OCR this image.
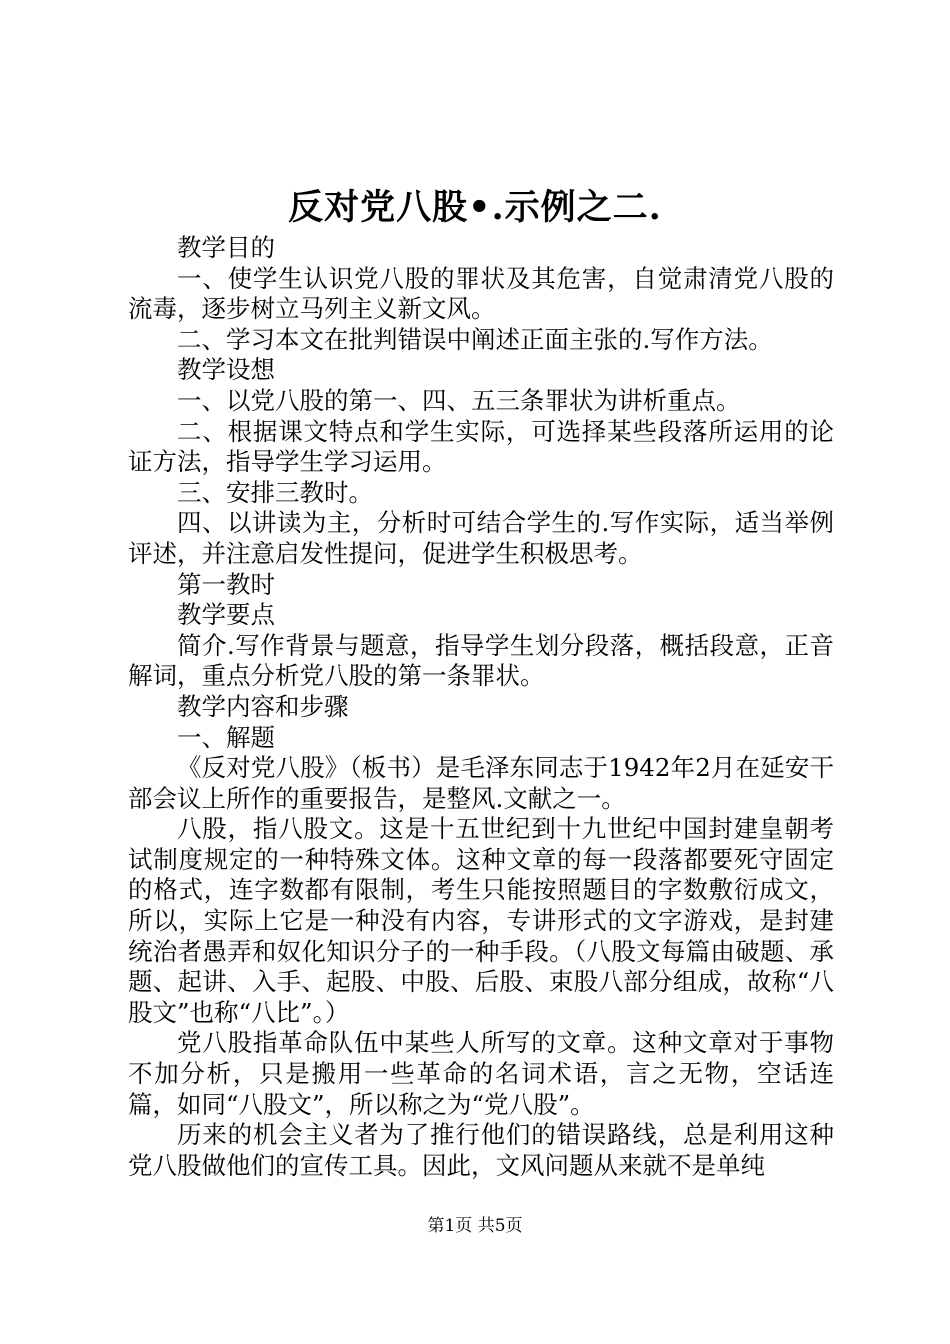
反对党八股•.示例之二.

教学目的

一、使学生认识党八股的罪状及其危害，自觉肃清党八股的流毒，逐步树立马列主义新文风。

二、学习本文在批判错误中阐述正面主张的.写作方法。

教学设想

一、以党八股的第一、四、五三条罪状为讲析重点。

二、根据课文特点和学生实际，可选择某些段落所运用的论证方法，指导学生学习运用。

三、安排三教时。

四、以讲读为主，分析时可结合学生的.写作实际，适当举例评述，并注意启发性提问，促进学生积极思考。

第一教时

教学要点

简介.写作背景与题意，指导学生划分段落，概括段意，正音解词，重点分析党八股的第一条罪状。

教学内容和步骤

一、解题

《反对党八股》（板书）是毛泽东同志于1942年2月在延安干部会议上所作的重要报告，是整风.文献之一。

八股，指八股文。这是十五世纪到十九世纪中国封建皇朝考试制度规定的一种特殊文体。这种文章的每一段落都要死守固定的格式，连字数都有限制，考生只能按照题目的字数敷衍成文，所以，实际上它是一种没有内容，专讲形式的文字游戏，是封建统治者愚弄和奴化知识分子的一种手段。（八股文每篇由破题、承题、起讲、入手、起股、中股、后股、束股八部分组成，故称“八股文”也称“八比”。）

党八股指革命队伍中某些人所写的文章。这种文章对于事物不加分析，只是搬用一些革命的名词术语，言之无物，空话连篇，如同“八股文”，所以称之为“党八股”。

历来的机会主义者为了推行他们的错误路线，总是利用这种党八股做他们的宣传工具。因此，文风问题从来就不是单纯

第1页 共5页
